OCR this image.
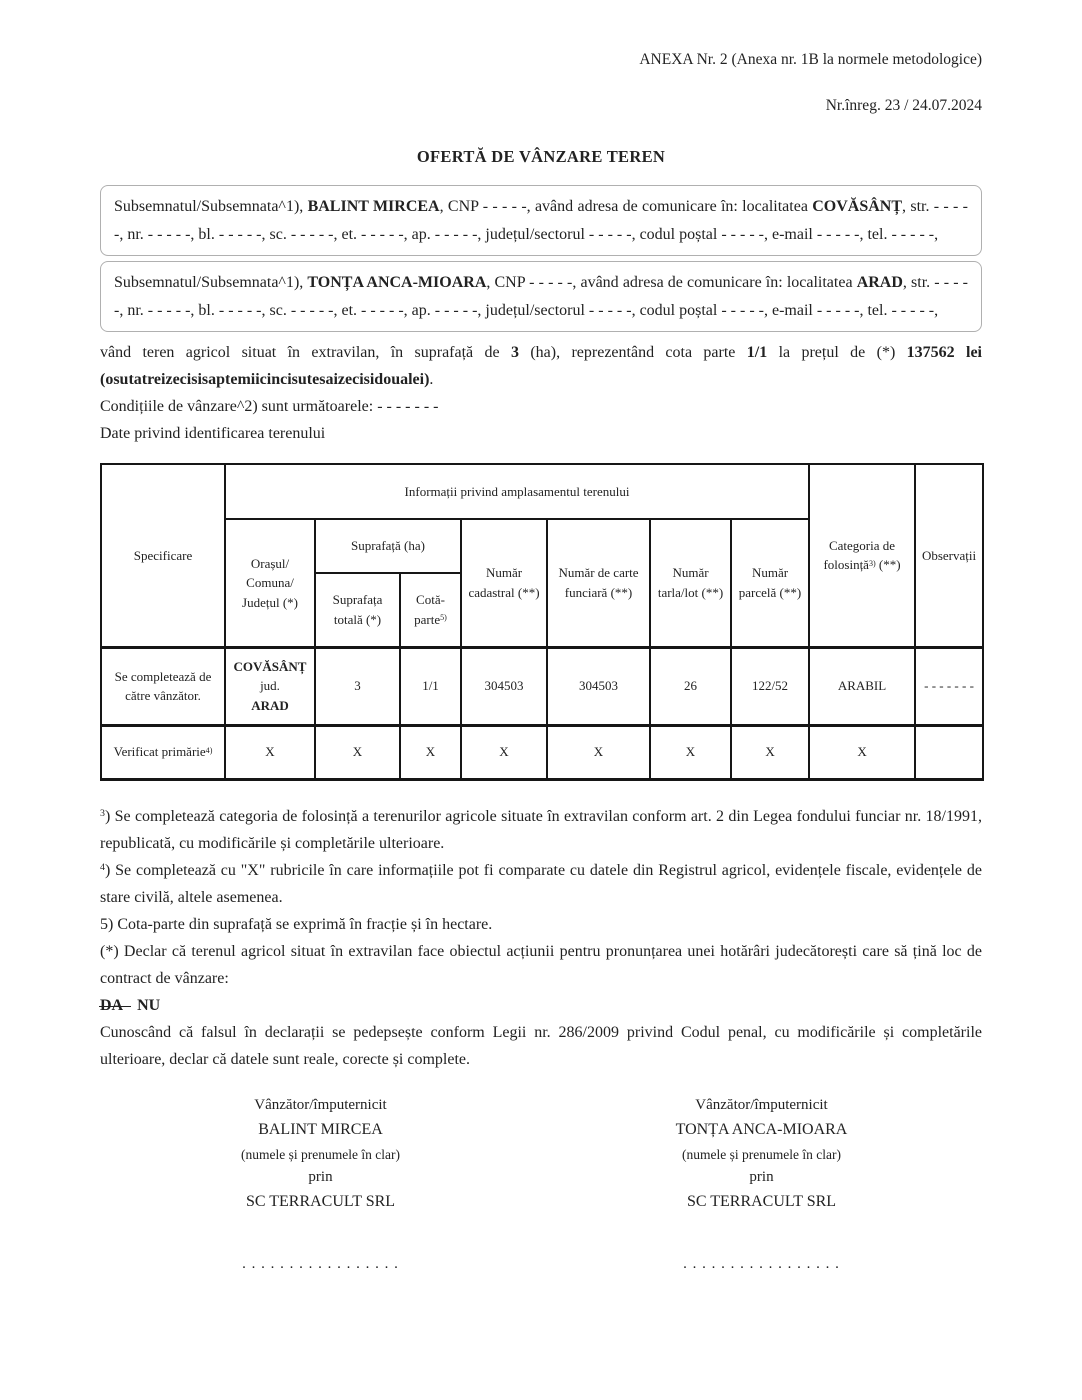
ANEXA Nr. 2 (Anexa nr. 1B la normele metodologice)
Nr.înreg. 23 / 24.07.2024
OFERTĂ DE VÂNZARE TEREN
Subsemnatul/Subsemnata^1), BALINT MIRCEA, CNP - - - - -, având adresa de comunicare în: localitatea COVĂSÂNȚ, str. - - - - -, nr. - - - - -, bl. - - - - -, sc. - - - - -, et. - - - - -, ap. - - - - -, județul/sectorul - - - - -, codul poștal - - - - -, e-mail - - - - -, tel. - - - - -,
Subsemnatul/Subsemnata^1), TONȚA ANCA-MIOARA, CNP - - - - -, având adresa de comunicare în: localitatea ARAD, str. - - - - -, nr. - - - - -, bl. - - - - -, sc. - - - - -, et. - - - - -, ap. - - - - -, județul/sectorul - - - - -, codul poștal - - - - -, e-mail - - - - -, tel. - - - - -,

vând teren agricol situat în extravilan, în suprafață de 3 (ha), reprezentând cota parte 1/1 la prețul de (*) 137562 lei (osutatreizecisisaptemiicincisutesaizecisidoualei).

Condițiile de vânzare^2) sunt următoarele: - - - - - - -
Date privind identificarea terenului
Specificare	Informații privind amplasamentul terenului							Categoria de folosință$^{3)}$ (**)	Observații

	Orașul/
Comuna/
Județul (*)	Suprafață (ha)		Număr cadastral (**)	Număr de carte funciară (**)	Număr tarla/lot (**)	Număr parcelă (**)		
		Suprafața totală (*)	Cotă-parte$^{5)}$
Se completează de către vânzător.	COVĂSÂNȚ
jud.
ARAD	3	1/1	304503	304503	26	122/52	ARABIL	- - - - - - -
Verificat primărie$^{4)}$	X	X	X	X	X	X	X	X	

$^3$) Se completează categoria de folosință a terenurilor agricole situate în extravilan conform art. 2 din Legea fondului funciar nr. 18/1991, republicată, cu modificările și completările ulterioare.

$^4$) Se completează cu "X" rubricile în care informațiile pot fi comparate cu datele din Registrul agricol, evidențele fiscale, evidențele de stare civilă, altele asemenea.

5) Cota-parte din suprafață se exprimă în fracție și în hectare.

(*) Declar că terenul agricol situat în extravilan face obiectul acțiunii pentru pronunțarea unei hotărâri judecătorești care să țină loc de contract de vânzare:

DA NU

Cunoscând că falsul în declarații se pedepsește conform Legii nr. 286/2009 privind Codul penal, cu modificările și completările ulterioare, declar că datele sunt reale, corecte și complete.

Vânzător/împuternicit
BALINT MIRCEA
(numele și prenumele în clar)
prin
SC TERRACULT SRL
. . . . . . . . . . . . . . . . .
Vânzător/împuternicit
TONȚA ANCA-MIOARA
(numele și prenumele în clar)
prin
SC TERRACULT SRL
. . . . . . . . . . . . . . . . .
